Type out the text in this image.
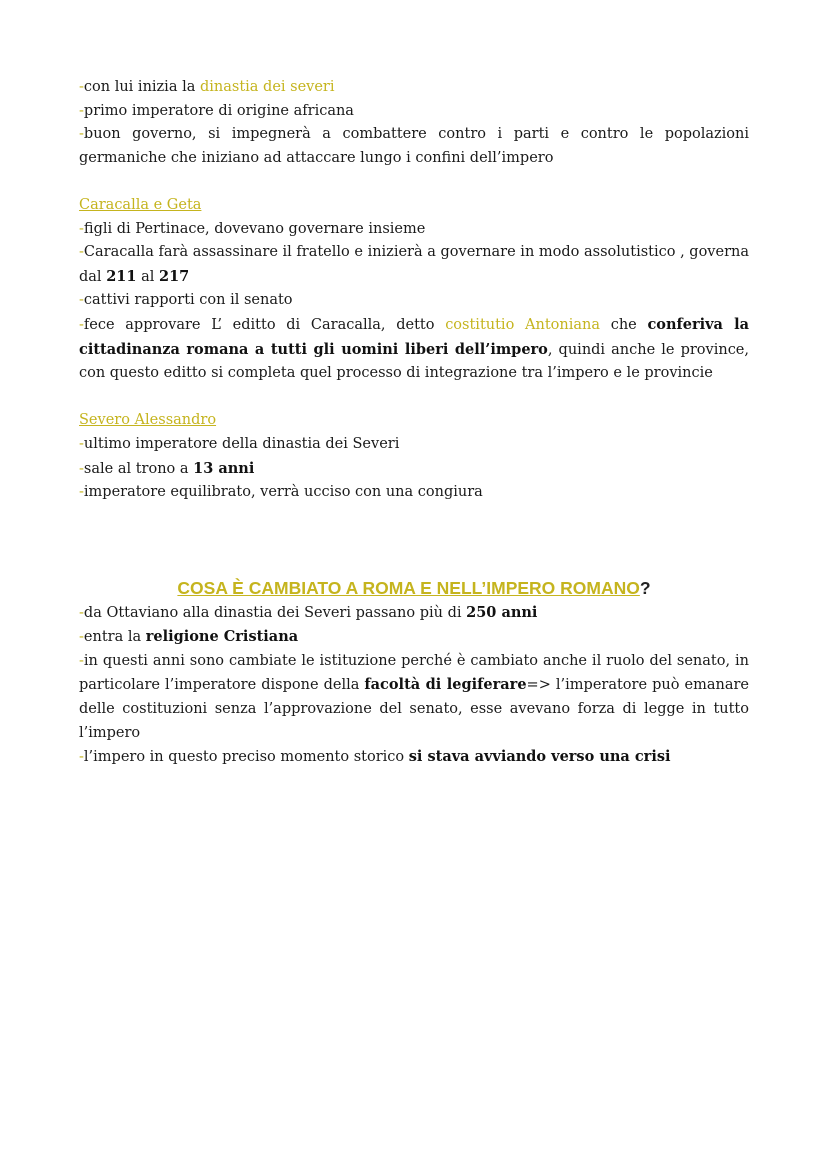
-con lui inizia la dinastia dei severi

-primo imperatore di origine africana

-buon governo, si impegnerà a combattere contro i parti e contro le popolazioni germaniche che iniziano ad attaccare lungo i confini dell’impero

Caracalla e Geta

-figli di Pertinace, dovevano governare insieme

-Caracalla farà assassinare il fratello e inizierà a governare in modo assolutistico , governa dal 211 al 217

-cattivi rapporti con il senato

-fece approvare L’ editto di Caracalla, detto costitutio Antoniana che conferiva la cittadinanza romana a tutti gli uomini liberi dell’impero, quindi anche le province, con questo editto si completa quel processo di integrazione tra l’impero e le provincie

Severo Alessandro

-ultimo imperatore della dinastia dei Severi

-sale al trono a 13 anni

-imperatore equilibrato, verrà ucciso con una congiura

COSA È CAMBIATO A ROMA E NELL’IMPERO ROMANO?

-da Ottaviano alla dinastia dei Severi passano più di 250 anni

-entra la religione Cristiana

-in questi anni sono cambiate le istituzione perché è cambiato anche il ruolo del senato, in particolare l’imperatore dispone della facoltà di legiferare=> l’imperatore può emanare delle costituzioni senza l’approvazione del senato, esse avevano forza di legge in tutto l’impero

-l’impero in questo preciso momento storico si stava avviando verso una crisi
